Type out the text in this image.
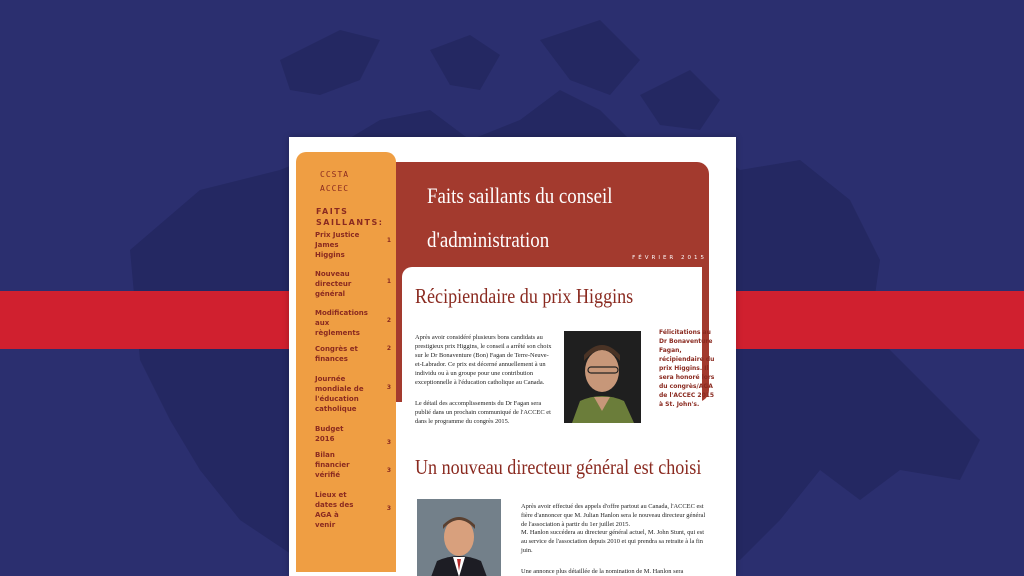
CCSTA
ACCEC
FAITS SAILLANTS:
Prix Justice James Higgins
1
Nouveau directeur général
1
Modifications aux règlements
2
Congrès et finances
2
Journée mondiale de l'éducation catholique
3
Budget 2016	3
Bilan financier vérifié
3
Lieux et dates des AGA à venir
3
Faits saillants du conseil
d'administration
FÉVRIER 2015
Récipiendaire du prix Higgins

Après avoir considéré plusieurs bons candidats au prestigieux prix Higgins, le conseil a arrêté son choix sur le Dr Bonaventure (Bon) Fagan de Terre-Neuve-et-Labrador. Ce prix est décerné annuellement à un individu ou à un groupe pour une contribution exceptionnelle à l'éducation catholique au Canada.

Le détail des accomplissements du Dr Fagan sera publié dans un prochain communiqué de l'ACCEC et dans le programme du congrès 2015.

Félicitations au Dr Bonaventure Fagan, récipiendaire du prix Higgins. Il sera honoré lors du congrès/AGA de l'ACCEC 2015 à St. John's.
Un nouveau directeur général est choisi

Après avoir effectué des appels d'offre partout au Canada, l'ACCEC est fière d'annoncer que M. Julian Hanlon sera le nouveau directeur général de l'association à partir du 1er juillet 2015.

M. Hanlon succédera au directeur général actuel, M. John Stunt, qui est au service de l'association depuis 2010 et qui prendra sa retraite à la fin juin.

Une annonce plus détaillée de la nomination de M. Hanlon sera
